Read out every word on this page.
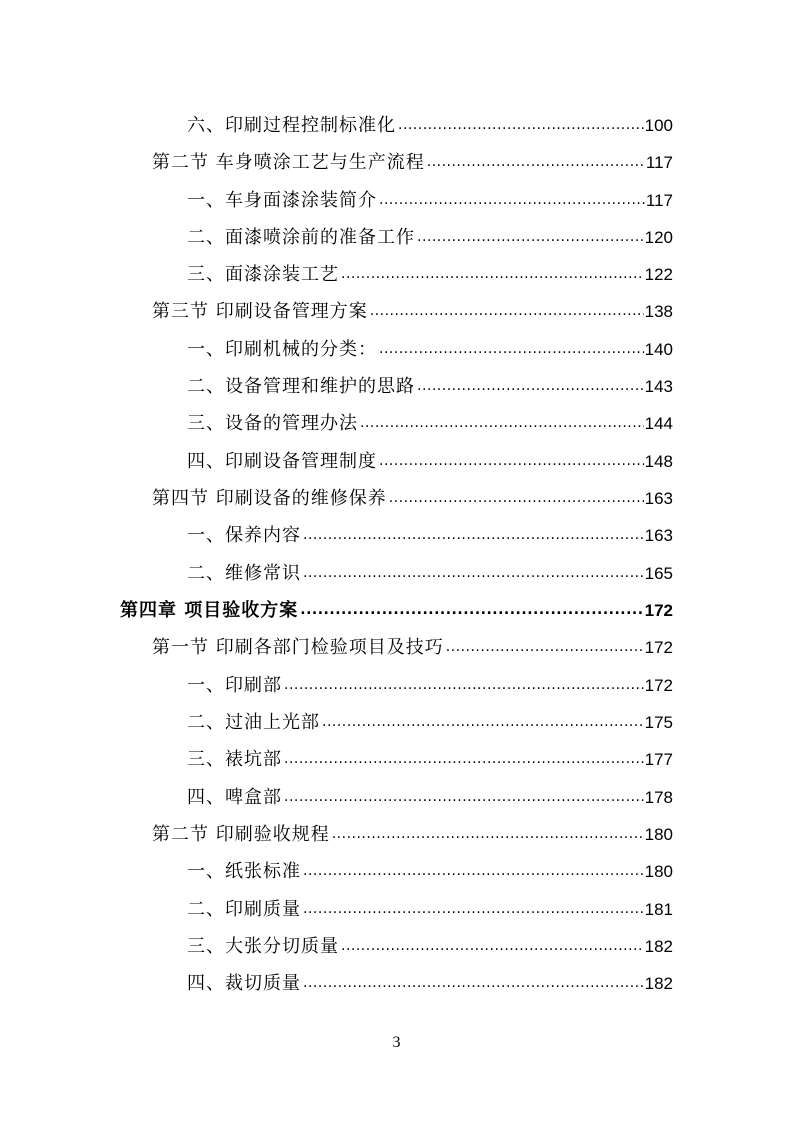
六、印刷过程控制标准化 .....	100
第二节 车身喷涂工艺与生产流程 .....	117
一、车身面漆涂装简介 .....	117
二、面漆喷涂前的准备工作 .....	120
三、面漆涂装工艺 .....	122
第三节 印刷设备管理方案 .....	138
一、印刷机械的分类： .....	140
二、设备管理和维护的思路 .....	143
三、设备的管理办法 .....	144
四、印刷设备管理制度 .....	148
第四节 印刷设备的维修保养 .....	163
一、保养内容 .....	163
二、维修常识 .....	165
第四章 项目验收方案 .....	172
第一节 印刷各部门检验项目及技巧 .....	172
一、印刷部 .....	172
二、过油上光部 .....	175
三、裱坑部 .....	177
四、啤盒部 .....	178
第二节 印刷验收规程 .....	180
一、纸张标准 .....	180
二、印刷质量 .....	181
三、大张分切质量 .....	182
四、裁切质量 .....	182
3
